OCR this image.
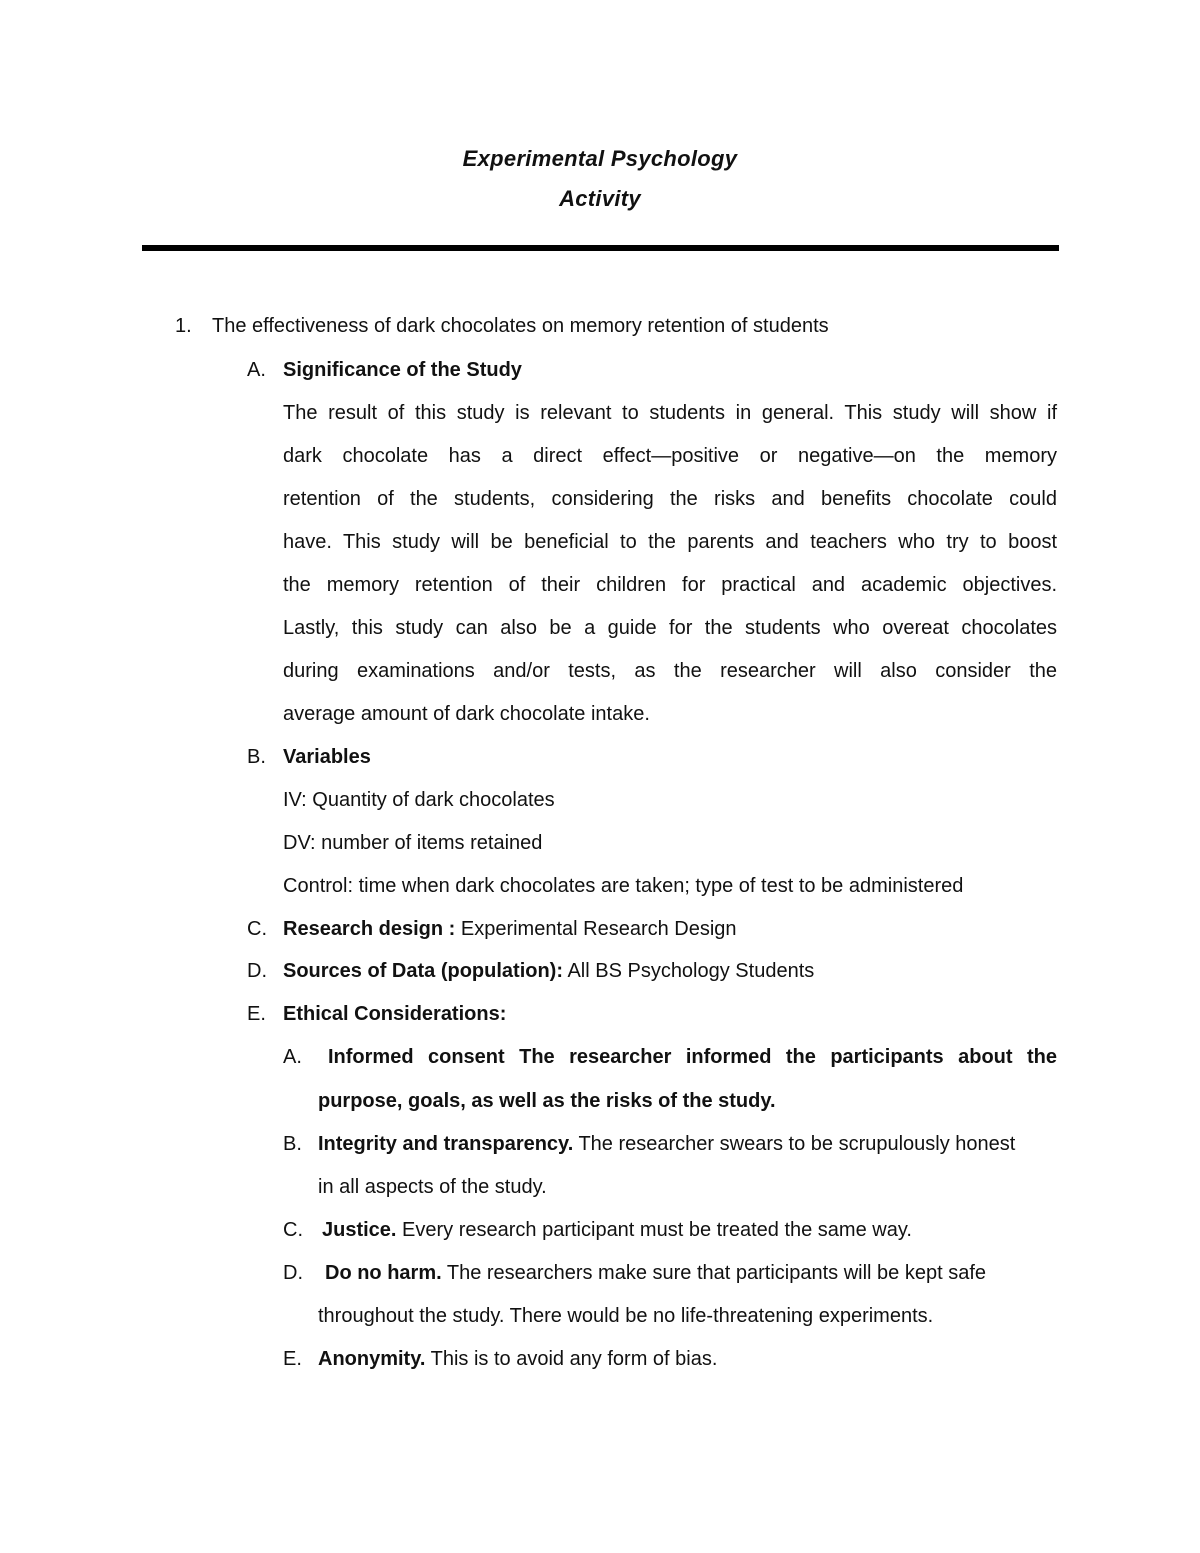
Experimental Psychology
Activity
1. The effectiveness of dark chocolates on memory retention of students
A. Significance of the Study
The result of this study is relevant to students in general. This study will show if
dark chocolate has a direct effect—positive or negative—on the memory
retention of the students, considering the risks and benefits chocolate could
have. This study will be beneficial to the parents and teachers who try to boost
the memory retention of their children for practical and academic objectives.
Lastly, this study can also be a guide for the students who overeat chocolates
during examinations and/or tests, as the researcher will also consider the
average amount of dark chocolate intake.
B. Variables
IV: Quantity of dark chocolates
DV: number of items retained
Control: time when dark chocolates are taken; type of test to be administered
C. Research design : Experimental Research Design
D. Sources of Data (population): All BS Psychology Students
E. Ethical Considerations:
A. Informed consent The researcher informed the participants about the
purpose, goals, as well as the risks of the study.
B. Integrity and transparency. The researcher swears to be scrupulously honest
in all aspects of the study.
C. Justice. Every research participant must be treated the same way.
D. Do no harm. The researchers make sure that participants will be kept safe
throughout the study. There would be no life-threatening experiments.
E. Anonymity. This is to avoid any form of bias.
